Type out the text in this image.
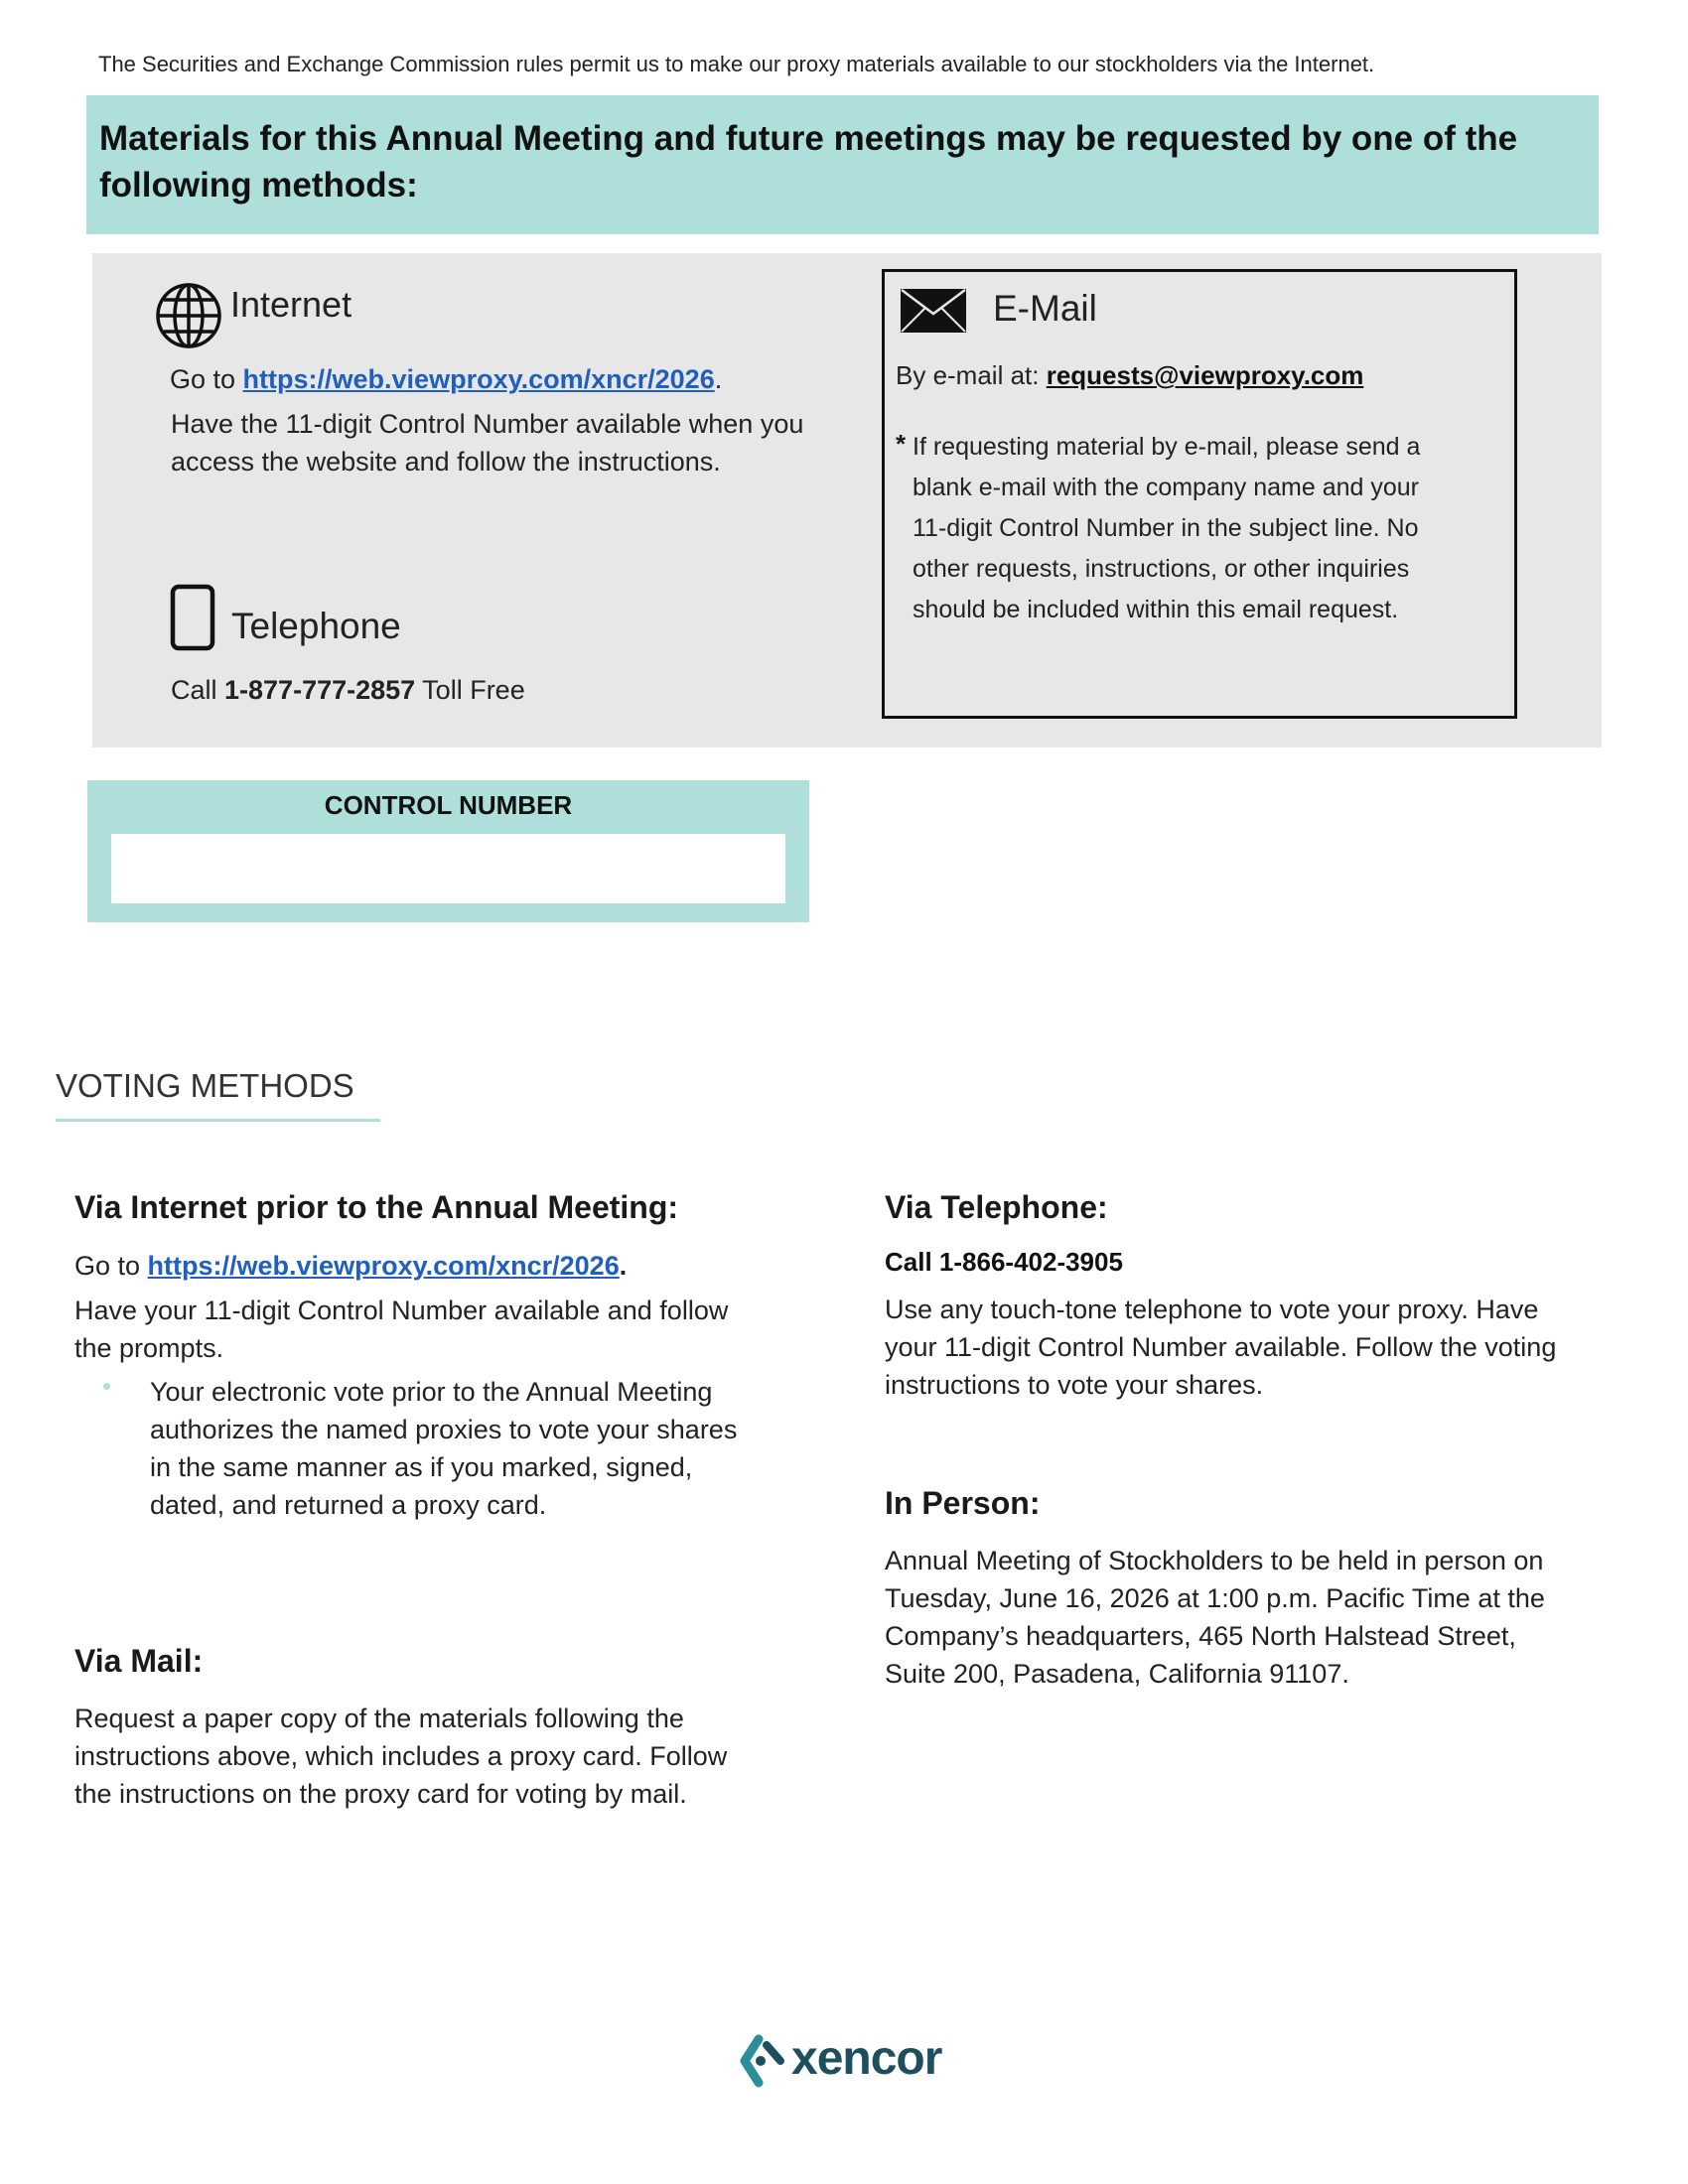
The Securities and Exchange Commission rules permit us to make our proxy materials available to our stockholders via the Internet.
Materials for this Annual Meeting and future meetings may be requested by one of the following methods:
Internet
Go to https://web.viewproxy.com/xncr/2026.
Have the 11-digit Control Number available when you access the website and follow the instructions.
Telephone
Call 1-877-777-2857 Toll Free
E-Mail
By e-mail at: requests@viewproxy.com
* If requesting material by e-mail, please send a blank e-mail with the company name and your 11-digit Control Number in the subject line. No other requests, instructions, or other inquiries should be included within this email request.
CONTROL NUMBER
VOTING METHODS
Via Internet prior to the Annual Meeting:
Go to https://web.viewproxy.com/xncr/2026.
Have your 11-digit Control Number available and follow the prompts.
Your electronic vote prior to the Annual Meeting authorizes the named proxies to vote your shares in the same manner as if you marked, signed, dated, and returned a proxy card.
Via Mail:
Request a paper copy of the materials following the instructions above, which includes a proxy card. Follow the instructions on the proxy card for voting by mail.
Via Telephone:
Call 1-866-402-3905
Use any touch-tone telephone to vote your proxy. Have your 11-digit Control Number available. Follow the voting instructions to vote your shares.
In Person:
Annual Meeting of Stockholders to be held in person on Tuesday, June 16, 2026 at 1:00 p.m. Pacific Time at the Company’s headquarters, 465 North Halstead Street, Suite 200, Pasadena, California 91107.
xencor
